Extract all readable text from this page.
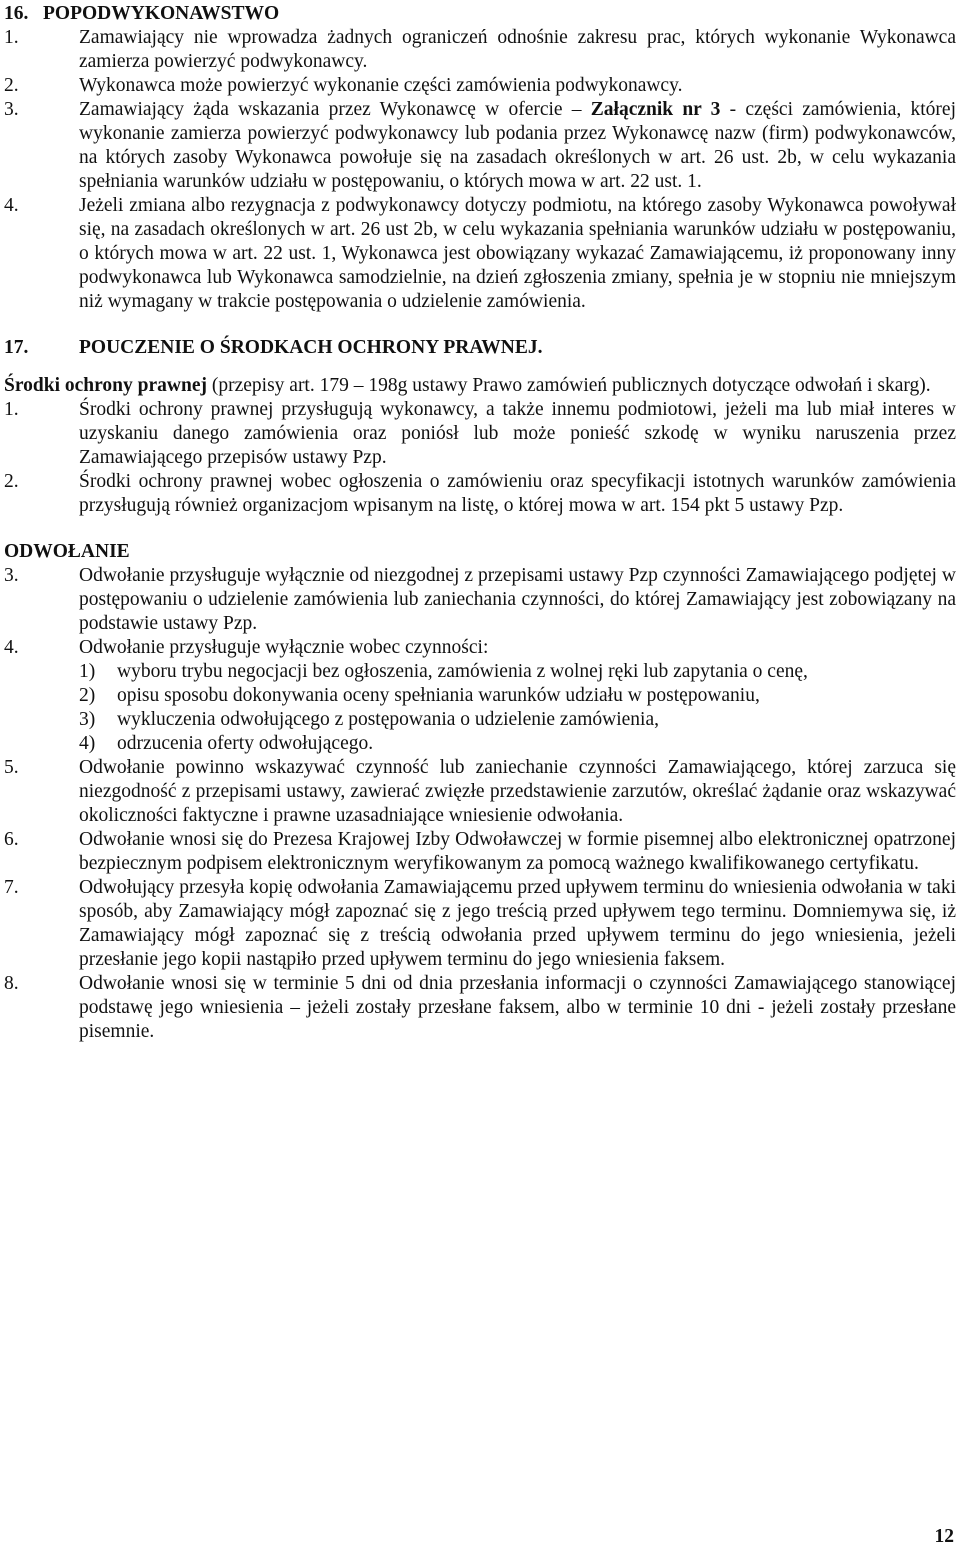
16.   POPODWYKONAWSTWO
1.	Zamawiający nie wprowadza żadnych ograniczeń odnośnie zakresu prac, których wykonanie Wykonawca zamierza powierzyć podwykonawcy.
2.	Wykonawca może powierzyć wykonanie części zamówienia podwykonawcy.
3.	Zamawiający żąda wskazania przez Wykonawcę w ofercie – Załącznik nr 3 - części zamówienia, której wykonanie zamierza powierzyć podwykonawcy lub podania przez Wykonawcę nazw (firm) podwykonawców, na których zasoby Wykonawca powołuje się na zasadach określonych w art. 26 ust. 2b, w celu wykazania spełniania warunków udziału w postępowaniu, o których mowa w art. 22 ust. 1.
4.	Jeżeli zmiana albo rezygnacja z podwykonawcy dotyczy podmiotu, na którego zasoby Wykonawca powoływał się, na zasadach określonych w art. 26 ust 2b, w celu wykazania spełniania warunków udziału w postępowaniu, o których mowa w art. 22 ust. 1, Wykonawca jest obowiązany wykazać Zamawiającemu, iż proponowany inny podwykonawca lub Wykonawca samodzielnie, na dzień zgłoszenia zmiany, spełnia je w stopniu nie mniejszym niż wymagany w trakcie postępowania o udzielenie zamówienia.
17.	POUCZENIE O ŚRODKACH OCHRONY PRAWNEJ.
Środki ochrony prawnej (przepisy art. 179 – 198g ustawy Prawo zamówień publicznych dotyczące odwołań i skarg).
1.	Środki ochrony prawnej przysługują wykonawcy, a także innemu podmiotowi, jeżeli ma lub miał interes w uzyskaniu danego zamówienia oraz poniósł lub może ponieść szkodę w wyniku naruszenia przez Zamawiającego przepisów ustawy Pzp.
2.	Środki ochrony prawnej wobec ogłoszenia o zamówieniu oraz specyfikacji istotnych warunków zamówienia przysługują również organizacjom wpisanym na listę, o której mowa w art. 154 pkt 5 ustawy Pzp.
ODWOŁANIE
3.	Odwołanie przysługuje wyłącznie od niezgodnej z przepisami ustawy Pzp czynności Zamawiającego podjętej w postępowaniu o udzielenie zamówienia lub zaniechania czynności, do której Zamawiający jest zobowiązany na podstawie ustawy Pzp.
4.	Odwołanie przysługuje wyłącznie wobec czynności:
1)	wyboru trybu negocjacji bez ogłoszenia, zamówienia z wolnej ręki lub zapytania o cenę,
2)	opisu sposobu dokonywania oceny spełniania warunków udziału w postępowaniu,
3)	wykluczenia odwołującego z postępowania o udzielenie zamówienia,
4)	odrzucenia oferty odwołującego.
5.	Odwołanie powinno wskazywać czynność lub zaniechanie czynności Zamawiającego, której zarzuca się niezgodność z przepisami ustawy, zawierać zwięzłe przedstawienie zarzutów, określać żądanie oraz wskazywać okoliczności faktyczne i prawne uzasadniające wniesienie odwołania.
6.	Odwołanie wnosi się do Prezesa Krajowej Izby Odwoławczej w formie pisemnej albo elektronicznej opatrzonej bezpiecznym podpisem elektronicznym weryfikowanym za pomocą ważnego kwalifikowanego certyfikatu.
7.	Odwołujący przesyła kopię odwołania Zamawiającemu przed upływem terminu do wniesienia odwołania w taki sposób, aby Zamawiający mógł zapoznać się z jego treścią przed upływem tego terminu. Domniemywa się, iż Zamawiający mógł zapoznać się z treścią odwołania przed upływem terminu do jego wniesienia, jeżeli przesłanie jego kopii nastąpiło przed upływem terminu do jego wniesienia faksem.
8.	Odwołanie wnosi się w terminie 5 dni od dnia przesłania informacji o czynności Zamawiającego stanowiącej podstawę jego wniesienia – jeżeli zostały przesłane faksem, albo w terminie 10 dni - jeżeli zostały przesłane pisemnie.
12
